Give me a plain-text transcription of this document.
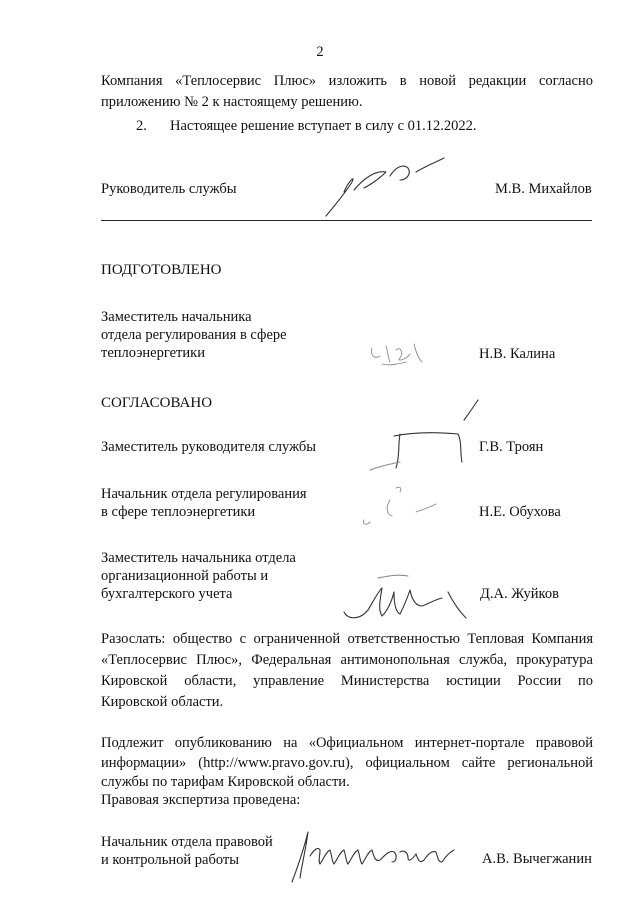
2
Компания «Теплосервис Плюс» изложить в новой редакции согласно
приложению № 2 к настоящему решению.
2. Настоящее решение вступает в силу с 01.12.2022.
Руководитель службы	М.В. Михайлов
ПОДГОТОВЛЕНО
Заместитель начальника
отдела регулирования в сфере
теплоэнергетики	Н.В. Калина
СОГЛАСОВАНО
Заместитель руководителя службы	Г.В. Троян
Начальник отдела регулирования
в сфере теплоэнергетики	Н.Е. Обухова
Заместитель начальника отдела
организационной работы и
бухгалтерского учета	Д.А. Жуйков
Разослать: общество с ограниченной ответственностью Тепловая Компания
«Теплосервис Плюс», Федеральная антимонопольная служба, прокуратура
Кировской области, управление Министерства юстиции России по
Кировской области.
Подлежит опубликованию на «Официальном интернет-портале правовой
информации» (http://www.pravo.gov.ru), официальном сайте региональной
службы по тарифам Кировской области.
Правовая экспертиза проведена:
Начальник отдела правовой
и контрольной работы	А.В. Вычегжанин
